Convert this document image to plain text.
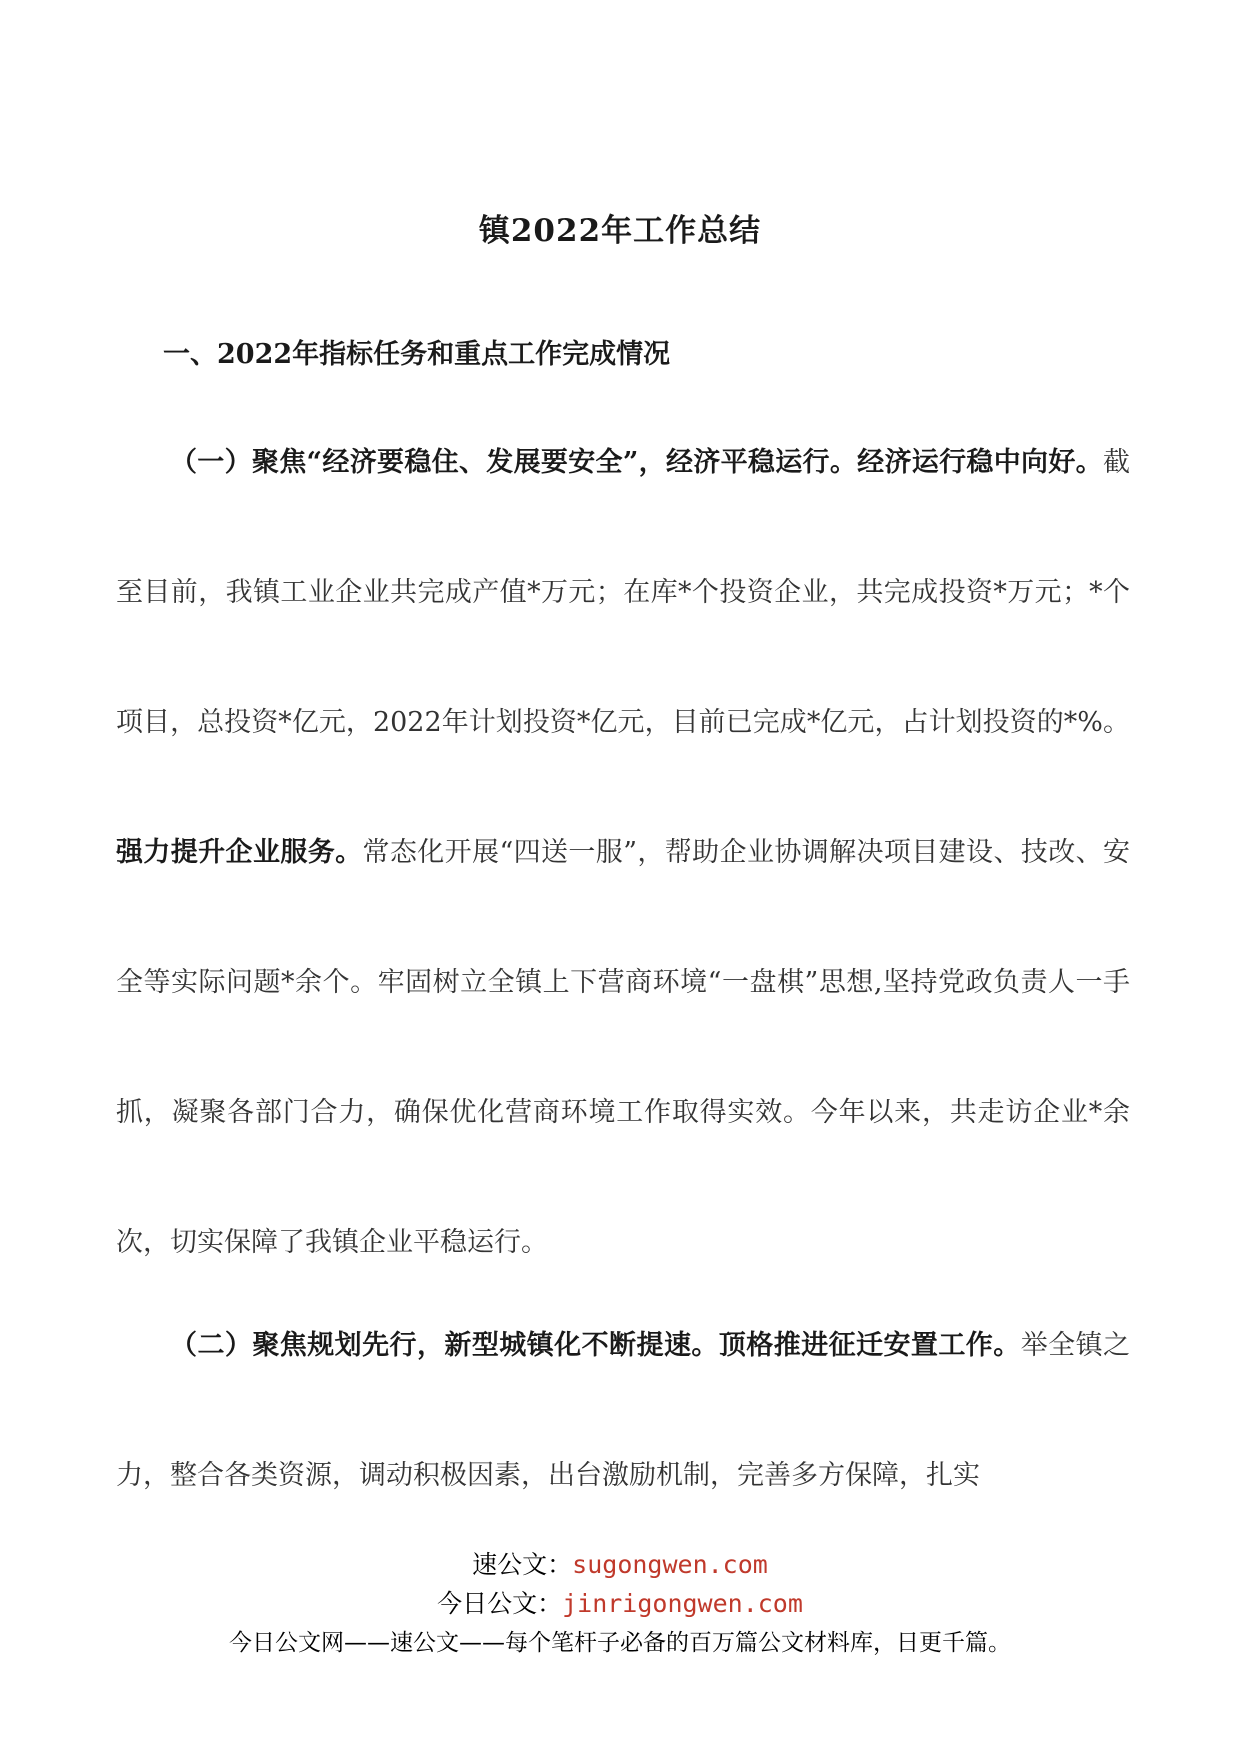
镇2022年工作总结
一、2022年指标任务和重点工作完成情况

（一）聚焦“经济要稳住、发展要安全”，经济平稳运行。经济运行稳中向好。截至目前，我镇工业企业共完成产值*万元；在库*个投资企业，共完成投资*万元；*个项目，总投资*亿元，2022年计划投资*亿元，目前已完成*亿元，占计划投资的*%。强力提升企业服务。常态化开展“四送一服”，帮助企业协调解决项目建设、技改、安全等实际问题*余个。牢固树立全镇上下营商环境“一盘棋”思想,坚持党政负责人一手抓，凝聚各部门合力，确保优化营商环境工作取得实效。今年以来，共走访企业*余次，切实保障了我镇企业平稳运行。

（二）聚焦规划先行，新型城镇化不断提速。顶格推进征迁安置工作。举全镇之力，整合各类资源，调动积极因素，出台激励机制，完善多方保障，扎实

速公文：sugongwen.com
今日公文：jinrigongwen.com
今日公文网——速公文——每个笔杆子必备的百万篇公文材料库，日更千篇。
